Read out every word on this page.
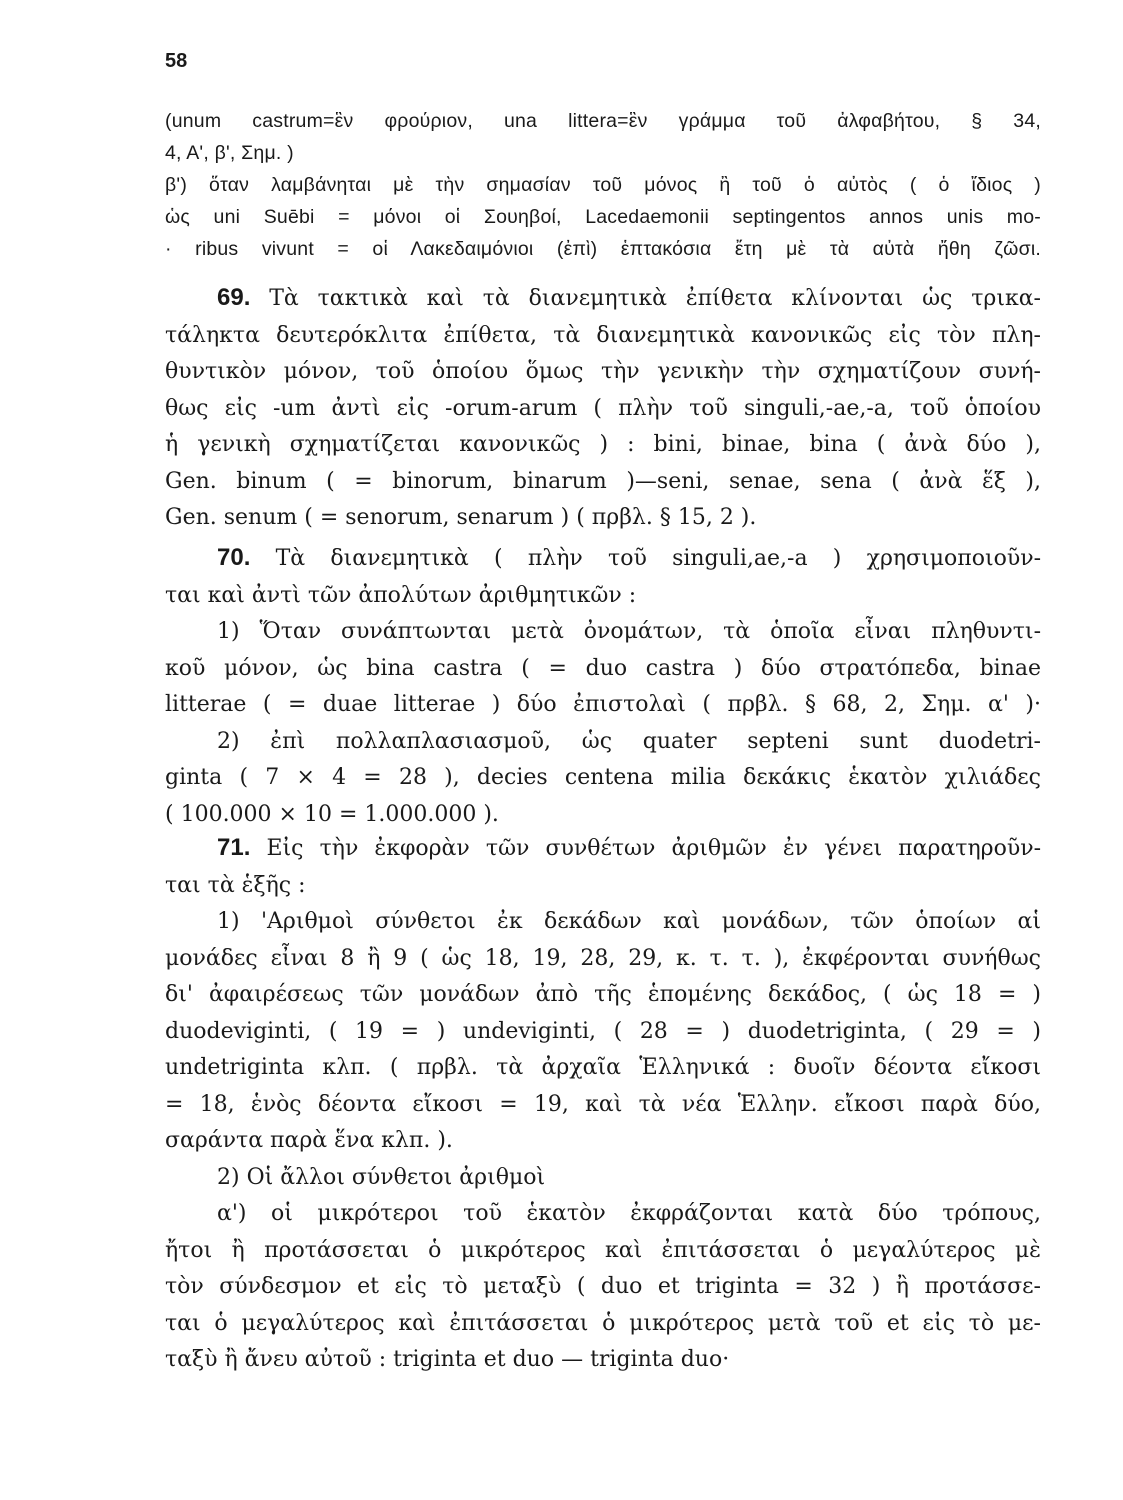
58
(unum castrum=ἓν φρούριον, una littera=ἓν γράμμα τοῦ ἀλφαβήτου, § 34,
4, Α', β', Σημ. )
β') ὅταν λαμβάνηται μὲ τὴν σημασίαν τοῦ μόνος ἢ τοῦ ὁ αὐτὸς ( ὁ ἴδιος )
ὡς uni Suēbi = μόνοι οἱ Σουηβοί, Lacedaemonii septingentos annos unis mo-
· ribus vivunt = οἱ Λακεδαιμόνιοι (ἐπὶ) ἑπτακόσια ἔτη μὲ τὰ αὐτὰ ἤθη ζῶσι.
69. Τὰ τακτικὰ καὶ τὰ διανεμητικὰ ἐπίθετα κλίνονται ὡς τρικα-
τάληκτα δευτερόκλιτα ἐπίθετα, τὰ διανεμητικὰ κανονικῶς εἰς τὸν πλη-
θυντικὸν μόνον, τοῦ ὁποίου ὅμως τὴν γενικὴν τὴν σχηματίζουν συνή-
θως εἰς -um ἀντὶ εἰς -orum-arum ( πλὴν τοῦ singuli,-ae,-a, τοῦ ὁποίου
ἡ γενικὴ σχηματίζεται κανονικῶς ) : bini, binae, bina ( ἀνὰ δύο ),
Gen. binum ( = binorum, binarum )—seni, senae, sena ( ἀνὰ ἕξ ),
Gen. senum ( = senorum, senarum ) ( πρβλ. § 15, 2 ).
70. Τὰ διανεμητικὰ ( πλὴν τοῦ singuli,ae,-a ) χρησιμοποιοῦν-
ται καὶ ἀντὶ τῶν ἀπολύτων ἀριθμητικῶν :
1) Ὅταν συνάπτωνται μετὰ ὀνομάτων, τὰ ὁποῖα εἶναι πληθυντι-
κοῦ μόνον, ὡς bina castra ( = duo castra ) δύο στρατόπεδα, binae
litterae ( = duae litterae ) δύο ἐπιστολαὶ ( πρβλ. § 68, 2, Σημ. α' )·
2) ἐπὶ πολλαπλασιασμοῦ, ὡς quater septeni sunt duodetri-
ginta ( 7 × 4 = 28 ), decies centena milia δεκάκις ἑκατὸν χιλιάδες
( 100.000 × 10 = 1.000.000 ).
71. Εἰς τὴν ἐκφορὰν τῶν συνθέτων ἀριθμῶν ἐν γένει παρατηροῦν-
ται τὰ ἑξῆς :
1) 'Αριθμοὶ σύνθετοι ἐκ δεκάδων καὶ μονάδων, τῶν ὁποίων αἱ
μονάδες εἶναι 8 ἢ 9 ( ὡς 18, 19, 28, 29, κ. τ. τ. ), ἐκφέρονται συνήθως
δι' ἀφαιρέσεως τῶν μονάδων ἀπὸ τῆς ἑπομένης δεκάδος, ( ὡς 18 = )
duodeviginti, ( 19 = ) undeviginti, ( 28 = ) duodetriginta, ( 29 = )
undetriginta κλπ. ( πρβλ. τὰ ἀρχαῖα Ἑλληνικά : δυοῖν δέοντα εἴκοσι
= 18, ἑνὸς δέοντα εἴκοσι = 19, καὶ τὰ νέα Ἑλλην. εἴκοσι παρὰ δύο,
σαράντα παρὰ ἕνα κλπ. ).
2) Οἱ ἄλλοι σύνθετοι ἀριθμοὶ
α') οἱ μικρότεροι τοῦ ἑκατὸν ἐκφράζονται κατὰ δύο τρόπους,
ἤτοι ἢ προτάσσεται ὁ μικρότερος καὶ ἐπιτάσσεται ὁ μεγαλύτερος μὲ
τὸν σύνδεσμον et εἰς τὸ μεταξὺ ( duo et triginta = 32 ) ἢ προτάσσε-
ται ὁ μεγαλύτερος καὶ ἐπιτάσσεται ὁ μικρότερος μετὰ τοῦ et εἰς τὸ με-
ταξὺ ἢ ἄνευ αὐτοῦ : triginta et duo — triginta duo·
